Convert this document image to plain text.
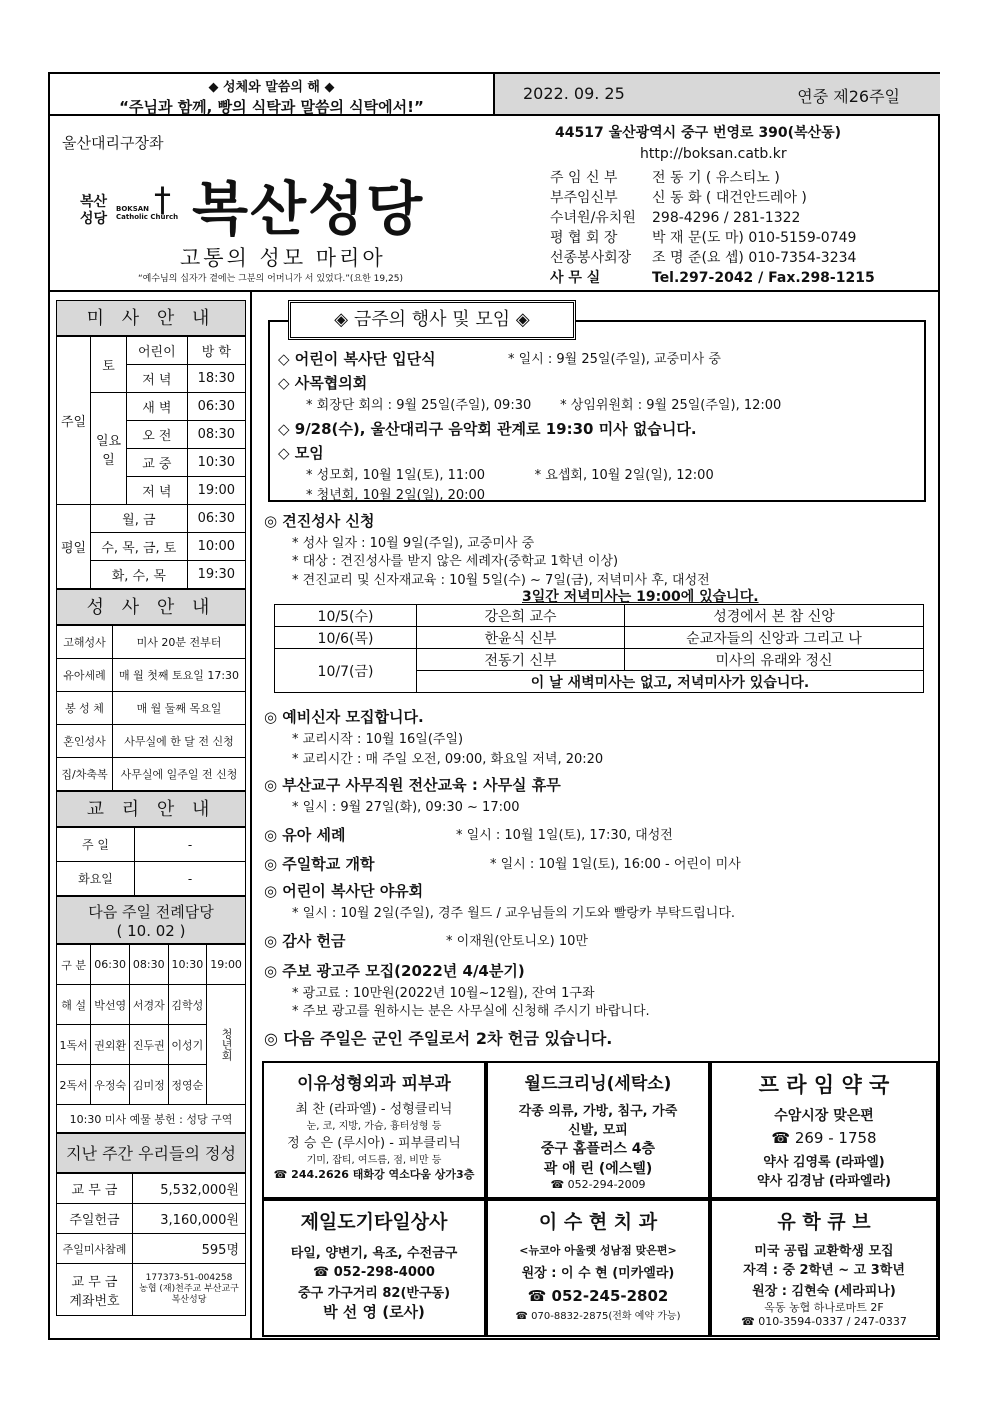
◆ 성체와 말씀의 해 ◆
“주님과 함께, 빵의 식탁과 말씀의 식탁에서!”
2022. 09. 25	연중 제26주일
울산대리구장좌
복산
성당 †
BOKSAN
Catholic Church 복산성당
고통의 성모 마리아
“예수님의 십자가 곁에는 그분의 어머니가 서 있었다.”(요한 19,25)
44517 울산광역시 중구 번영로 390(복산동)
http://boksan.catb.kr
주 임 신 부 전 동 기 ( 유스티노 )
부주임신부 신 동 화 ( 대건안드레아 )
수녀원/유치원 298-4296 / 281-1322
평 협 회 장 박 재 문(도 마) 010-5159-0749
선종봉사회장 조 명 준(요 셉) 010-7354-3234
사 무 실	Tel.297-2042 / Fax.298-1215
미 사 안 내
주일	토	어린이	방 학
		저 녁	18:30
	일요일	새 벽	06:30
		오 전	08:30
		교 중	10:30
		저 녁	19:00
평일	월, 금		06:30
	수, 목, 금, 토		10:00
	화, 수, 목		19:30
성 사 안 내
고해성사	미사 20분 전부터
유아세례	매 월 첫째 토요일 17:30
봉 성 체	매 월 둘째 목요일
혼인성사	사무실에 한 달 전 신청
집/차축복	사무실에 일주일 전 신청
교 리 안 내
주 일	-
화요일	-
다음 주일 전례담당
( 10. 02 )
구 분	06:30	08:30	10:30	19:00
해 설	박선영	서경자	김학성	청년회
1독서	권외환	진두권	이성기	
2독서	우정숙	김미정	정영순	
10:30 미사 예물 봉헌 : 성당 구역				
지난 주간 우리들의 정성
교 무 금	5,532,000원
주일헌금	3,160,000원
주일미사참례	595명
교 무 금
계좌번호	177373-51-004258
농협 (재)천주교 부산교구
복산성당
◈ 금주의 행사 및 모임 ◈
◇ 어린이 복사단 입단식	* 일시 : 9월 25일(주일), 교중미사 중
◇ 사목협의회
* 회장단 회의 : 9월 25일(주일), 09:30       * 상임위원회 : 9월 25일(주일), 12:00
◇ 9/28(수), 울산대리구 음악회 관계로 19:30 미사 없습니다.
◇ 모임
* 성모회, 10월 1일(토), 11:00            * 요셉회, 10월 2일(일), 12:00
* 청년회, 10월 2일(일), 20:00
◎ 견진성사 신청
* 성사 일자 : 10월 9일(주일), 교중미사 중
* 대상 : 견진성사를 받지 않은 세례자(중학교 1학년 이상)
* 견진교리 및 신자재교육 : 10월 5일(수) ~ 7일(금), 저녁미사 후, 대성전
3일간 저녁미사는 19:00에 있습니다.
10/5(수)	강은희 교수	성경에서 본 참 신앙
10/6(목)	한윤식 신부	순교자들의 신앙과 그리고 나
10/7(금)	전동기 신부	미사의 유래와 정신
	이 날 새벽미사는 없고, 저녁미사가 있습니다.	
◎ 예비신자 모집합니다.
* 교리시작 : 10월 16일(주일)
* 교리시간 : 매 주일 오전, 09:00, 화요일 저녁, 20:20
◎ 부산교구 사무직원 전산교육 : 사무실 휴무
* 일시 : 9월 27일(화), 09:30 ~ 17:00
◎ 유아 세례	* 일시 : 10월 1일(토), 17:30, 대성전
◎ 주일학교 개학	* 일시 : 10월 1일(토), 16:00 - 어린이 미사
◎ 어린이 복사단 야유회
* 일시 : 10월 2일(주일), 경주 월드 / 교우님들의 기도와 빨랑카 부탁드립니다.
◎ 감사 헌금	* 이재원(안토니오) 10만
◎ 주보 광고주 모집(2022년 4/4분기)
* 광고료 : 10만원(2022년 10월~12월), 잔여 1구좌
* 주보 광고를 원하시는 분은 사무실에 신청해 주시기 바랍니다.
◎ 다음 주일은 군인 주일로서 2차 헌금 있습니다.
이유성형외과 피부과
최 찬 (라파엘) - 성형클리닉
눈, 코, 지방, 가슴, 흉터성형 등
정 승 은 (루시아) - 피부클리닉
기미, 잡티, 여드름, 점, 비만 등
☎ 244.2626 태화강 역소다움 상가3층
월드크리닝(세탁소)
각종 의류, 가방, 침구, 가죽
신발, 모피
중구 홈플러스 4층
곽 애 린 (에스텔)
☎ 052-294-2009
프 라 임 약 국
수암시장 맞은편
☎ 269 - 1758
약사 김영록 (라파엘)
약사 김경남 (라파엘라)
제일도기타일상사
타일, 양변기, 욕조, 수전금구
☎ 052-298-4000
중구 가구거리 82(반구동)
박 선 영 (로사)
이 수 현 치 과
<뉴코아 아울렛 성남점 맞은편>
원장 : 이 수 현 (미카엘라)
☎ 052-245-2802
☎ 070-8832-2875(전화 예약 가능)
유 학 큐 브
미국 공립 교환학생 모집
자격 : 중 2학년 ~ 고 3학년
원장 : 김현숙 (세라피나)
옥동 농협 하나로마트 2F
☎ 010-3594-0337 / 247-0337
